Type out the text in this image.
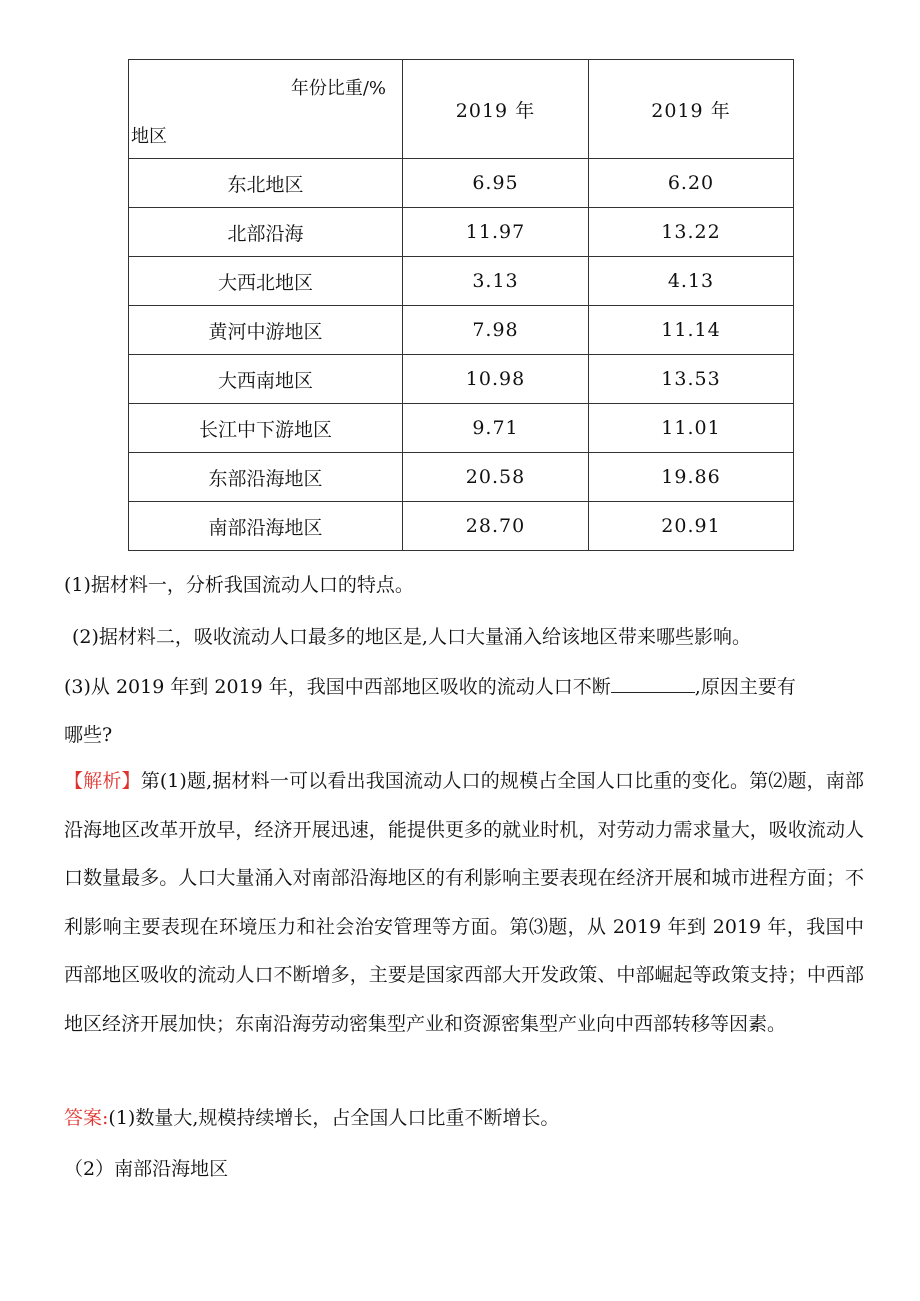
年份比重/%
地区	2019 年	2019 年
东北地区	6.95	6.20
北部沿海	11.97	13.22
大西北地区	3.13	4.13
黄河中游地区	7.98	11.14
大西南地区	10.98	13.53
长江中下游地区	9.71	11.01
东部沿海地区	20.58	19.86
南部沿海地区	28.70	20.91
(1)据材料一，分析我国流动人口的特点。
(2)据材料二，吸收流动人口最多的地区是,人口大量涌入给该地区带来哪些影响。
(3)从 2019 年到 2019 年，我国中西部地区吸收的流动人口不断	,原因主要有
哪些?
【解析】第(1)题,据材料一可以看出我国流动人口的规模占全国人口比重的变化。第⑵题，南部沿海地区改革开放早，经济开展迅速，能提供更多的就业时机，对劳动力需求量大，吸收流动人口数量最多。人口大量涌入对南部沿海地区的有利影响主要表现在经济开展和城市进程方面；不利影响主要表现在环境压力和社会治安管理等方面。第⑶题，从 2019 年到 2019 年，我国中西部地区吸收的流动人口不断增多，主要是国家西部大开发政策、中部崛起等政策支持；中西部地区经济开展加快；东南沿海劳动密集型产业和资源密集型产业向中西部转移等因素。
答案:(1)数量大,规模持续增长，占全国人口比重不断增长。
（2）南部沿海地区
